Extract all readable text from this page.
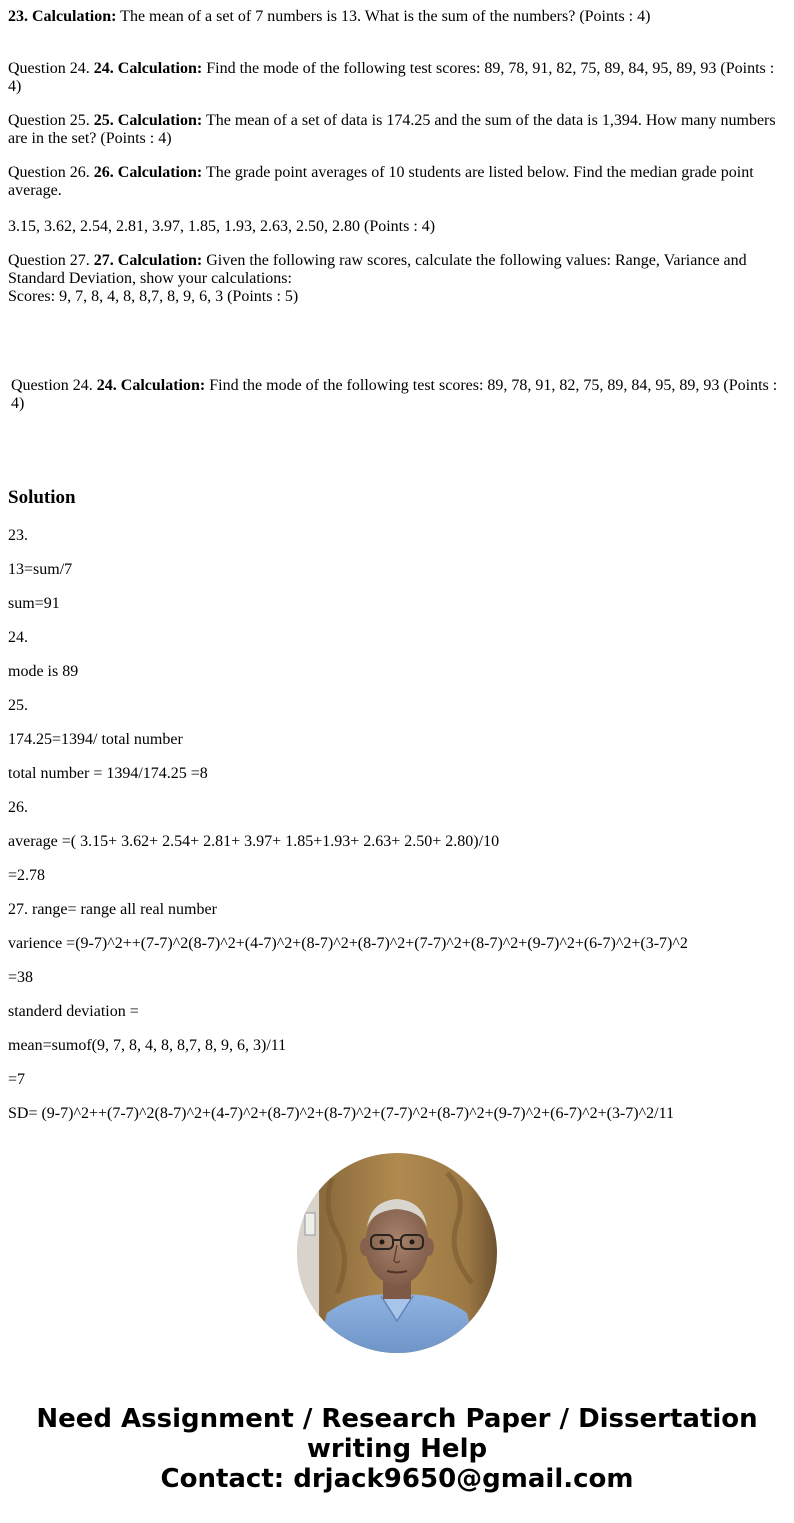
23. Calculation: The mean of a set of 7 numbers is 13. What is the sum of the numbers? (Points : 4)

Question 24. 24. Calculation: Find the mode of the following test scores: 89, 78, 91, 82, 75, 89, 84, 95, 89, 93 (Points : 4)

Question 25. 25. Calculation: The mean of a set of data is 174.25 and the sum of the data is 1,394. How many numbers are in the set? (Points : 4)

Question 26. 26. Calculation: The grade point averages of 10 students are listed below. Find the median grade point average.

3.15, 3.62, 2.54, 2.81, 3.97, 1.85, 1.93, 2.63, 2.50, 2.80 (Points : 4)

Question 27. 27. Calculation: Given the following raw scores, calculate the following values: Range, Variance and Standard Deviation, show your calculations:
Scores: 9, 7, 8, 4, 8, 8,7, 8, 9, 6, 3 (Points : 5)

Question 24. 24. Calculation: Find the mode of the following test scores: 89, 78, 91, 82, 75, 89, 84, 95, 89, 93 (Points : 4)

Solution

23.

13=sum/7

sum=91

24.

mode is 89

25.

174.25=1394/ total number

total number = 1394/174.25 =8

26.

average =( 3.15+ 3.62+ 2.54+ 2.81+ 3.97+ 1.85+1.93+ 2.63+ 2.50+ 2.80)/10

=2.78

27. range= range all real number

varience =(9-7)^2++(7-7)^2(8-7)^2+(4-7)^2+(8-7)^2+(8-7)^2+(7-7)^2+(8-7)^2+(9-7)^2+(6-7)^2+(3-7)^2

=38

standerd deviation =

mean=sumof(9, 7, 8, 4, 8, 8,7, 8, 9, 6, 3)/11

=7

SD= (9-7)^2++(7-7)^2(8-7)^2+(4-7)^2+(8-7)^2+(8-7)^2+(7-7)^2+(8-7)^2+(9-7)^2+(6-7)^2+(3-7)^2/11

Need Assignment / Research Paper / Dissertation
writing Help
Contact: drjack9650@gmail.com
